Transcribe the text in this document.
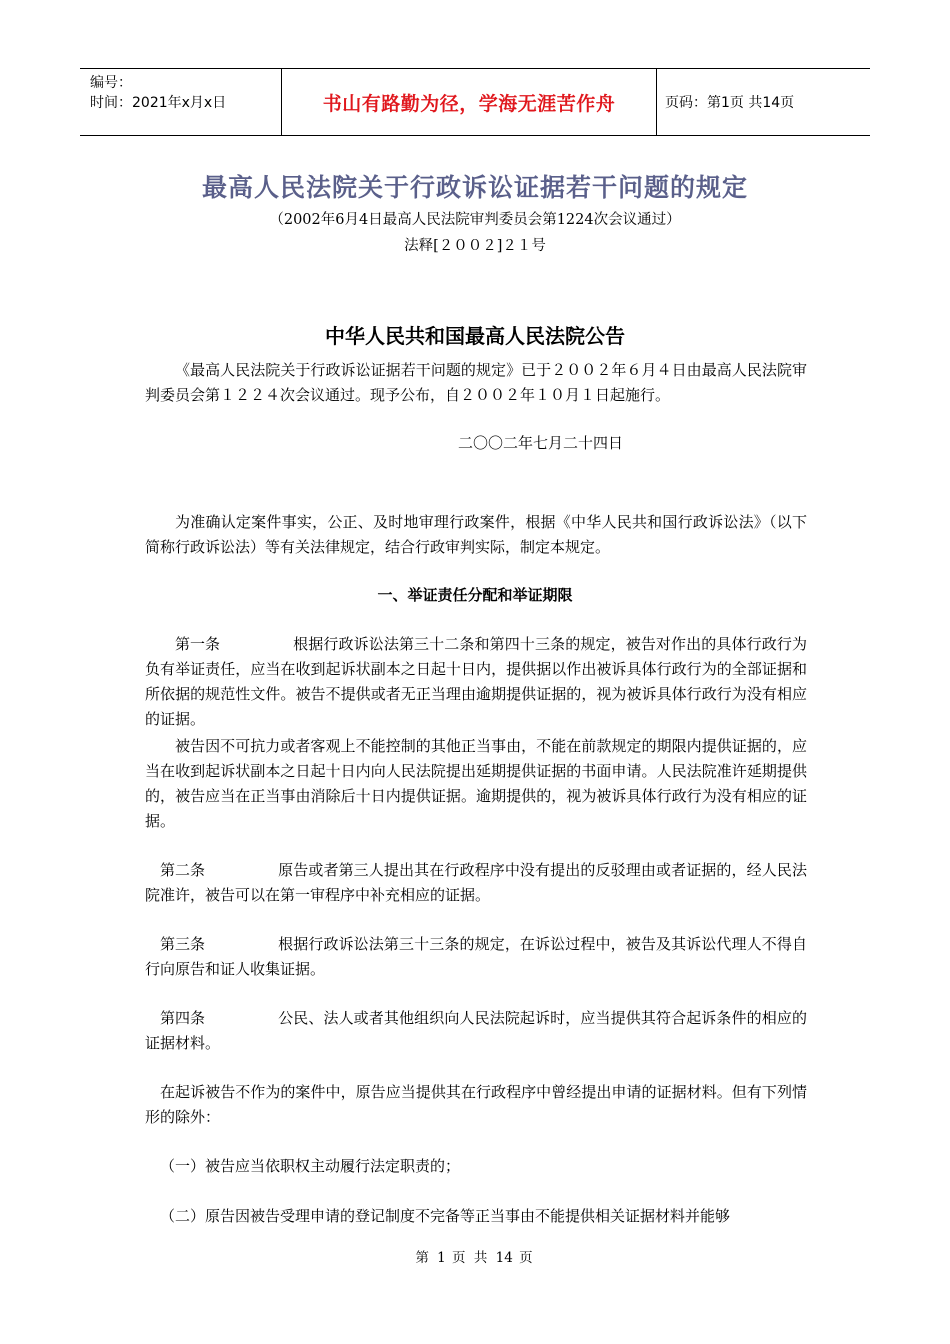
编号：
时间：2021年x月x日	书山有路勤为径，学海无涯苦作舟	页码：第1页 共14页
最高人民法院关于行政诉讼证据若干问题的规定
（2002年6月4日最高人民法院审判委员会第1224次会议通过）
法释[２００２]２１号
中华人民共和国最高人民法院公告
《最高人民法院关于行政诉讼证据若干问题的规定》已于２００２年６月４日由最高人民法院审判委员会第１２２４次会议通过。现予公布，自２００２年１０月１日起施行。
二〇〇二年七月二十四日
为准确认定案件事实，公正、及时地审理行政案件，根据《中华人民共和国行政诉讼法》（以下简称行政诉讼法）等有关法律规定，结合行政审判实际，制定本规定。
一、举证责任分配和举证期限
第一条	根据行政诉讼法第三十二条和第四十三条的规定，被告对作出的具体行政行为负有举证责任，应当在收到起诉状副本之日起十日内，提供据以作出被诉具体行政行为的全部证据和所依据的规范性文件。被告不提供或者无正当理由逾期提供证据的，视为被诉具体行政行为没有相应的证据。
被告因不可抗力或者客观上不能控制的其他正当事由，不能在前款规定的期限内提供证据的，应当在收到起诉状副本之日起十日内向人民法院提出延期提供证据的书面申请。人民法院准许延期提供的，被告应当在正当事由消除后十日内提供证据。逾期提供的，视为被诉具体行政行为没有相应的证据。
第二条	原告或者第三人提出其在行政程序中没有提出的反驳理由或者证据的，经人民法院准许，被告可以在第一审程序中补充相应的证据。
第三条	根据行政诉讼法第三十三条的规定，在诉讼过程中，被告及其诉讼代理人不得自行向原告和证人收集证据。
第四条	公民、法人或者其他组织向人民法院起诉时，应当提供其符合起诉条件的相应的证据材料。
在起诉被告不作为的案件中，原告应当提供其在行政程序中曾经提出申请的证据材料。但有下列情形的除外：
（一）被告应当依职权主动履行法定职责的；
（二）原告因被告受理申请的登记制度不完备等正当事由不能提供相关证据材料并能够
第 1 页 共 14 页
